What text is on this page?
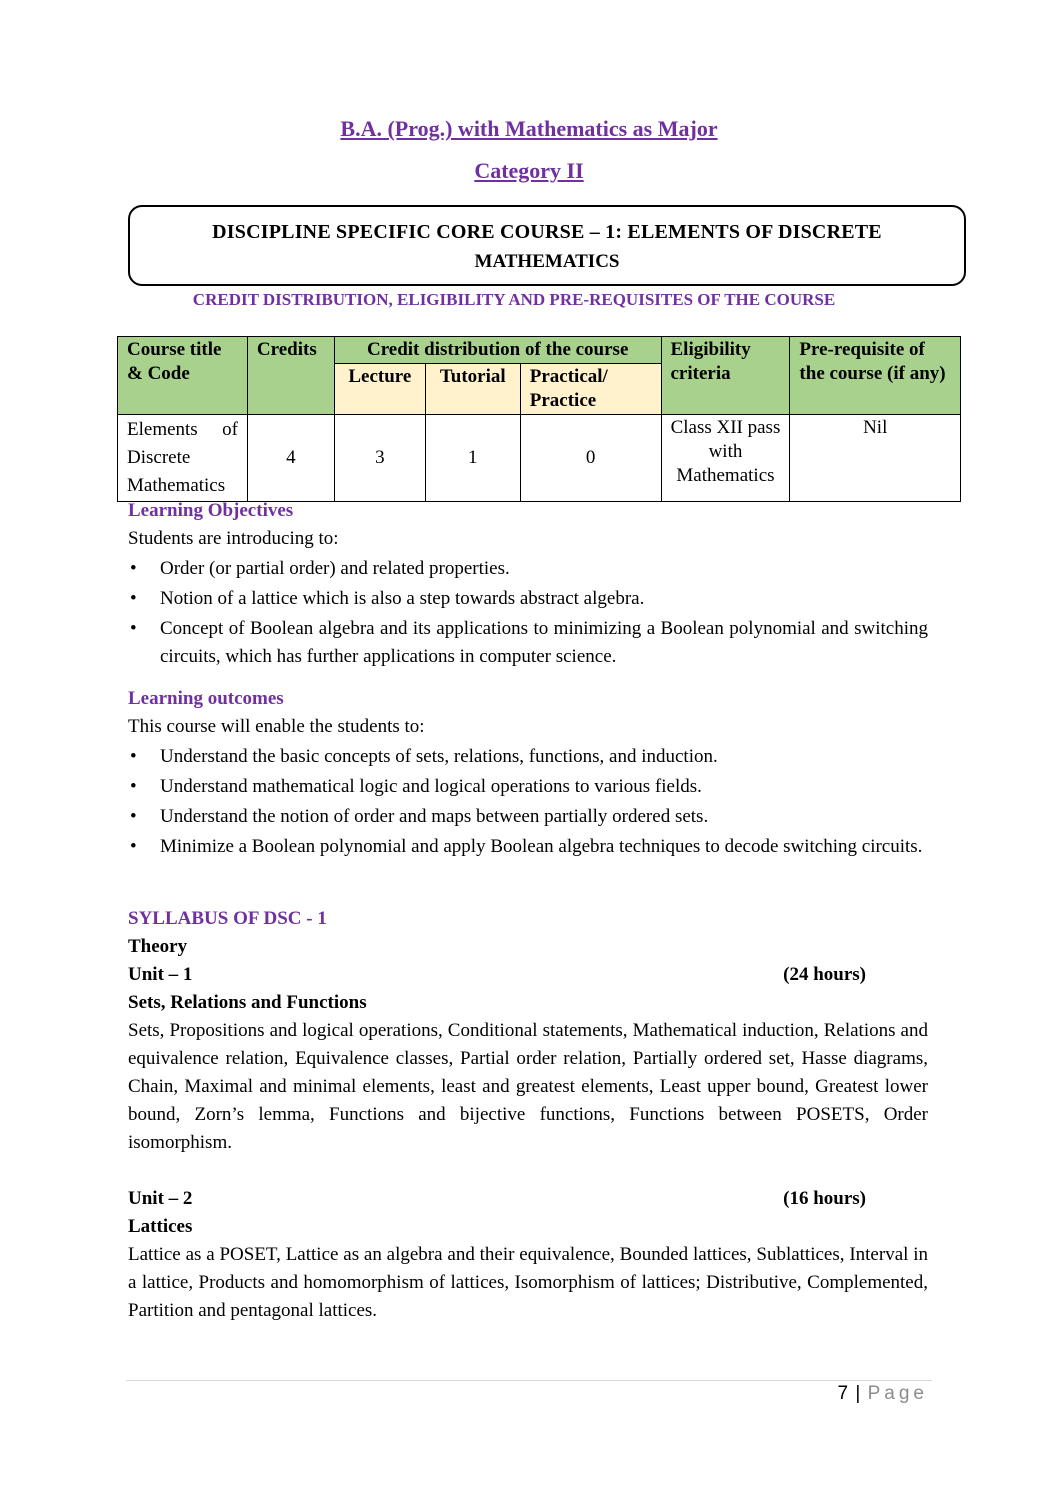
B.A. (Prog.) with Mathematics as Major
Category II
DISCIPLINE SPECIFIC CORE COURSE – 1: ELEMENTS OF DISCRETE
MATHEMATICS
CREDIT DISTRIBUTION, ELIGIBILITY AND PRE-REQUISITES OF THE COURSE
Course title & Code	Credits	Credit distribution of the course			Eligibility criteria	Pre-requisite of the course (if any)
		Lecture	Tutorial	Practical/ Practice		
Elements of Discrete Mathematics	4	3	1	0	Class XII pass with Mathematics	Nil
Learning Objectives
Students are introducing to:
• Order (or partial order) and related properties.
• Notion of a lattice which is also a step towards abstract algebra.
• Concept of Boolean algebra and its applications to minimizing a Boolean polynomial and switching circuits, which has further applications in computer science.
Learning outcomes
This course will enable the students to:
• Understand the basic concepts of sets, relations, functions, and induction.
• Understand mathematical logic and logical operations to various fields.
• Understand the notion of order and maps between partially ordered sets.
• Minimize a Boolean polynomial and apply Boolean algebra techniques to decode switching circuits.
SYLLABUS OF DSC - 1
Theory
Unit – 1	(24 hours)
Sets, Relations and Functions
Sets, Propositions and logical operations, Conditional statements, Mathematical induction, Relations and equivalence relation, Equivalence classes, Partial order relation, Partially ordered set, Hasse diagrams, Chain, Maximal and minimal elements, least and greatest elements, Least upper bound, Greatest lower bound, Zorn’s lemma, Functions and bijective functions, Functions between POSETS, Order isomorphism.
Unit – 2	(16 hours)
Lattices
Lattice as a POSET, Lattice as an algebra and their equivalence, Bounded lattices, Sublattices, Interval in a lattice, Products and homomorphism of lattices, Isomorphism of lattices; Distributive, Complemented, Partition and pentagonal lattices.
7 | Page
